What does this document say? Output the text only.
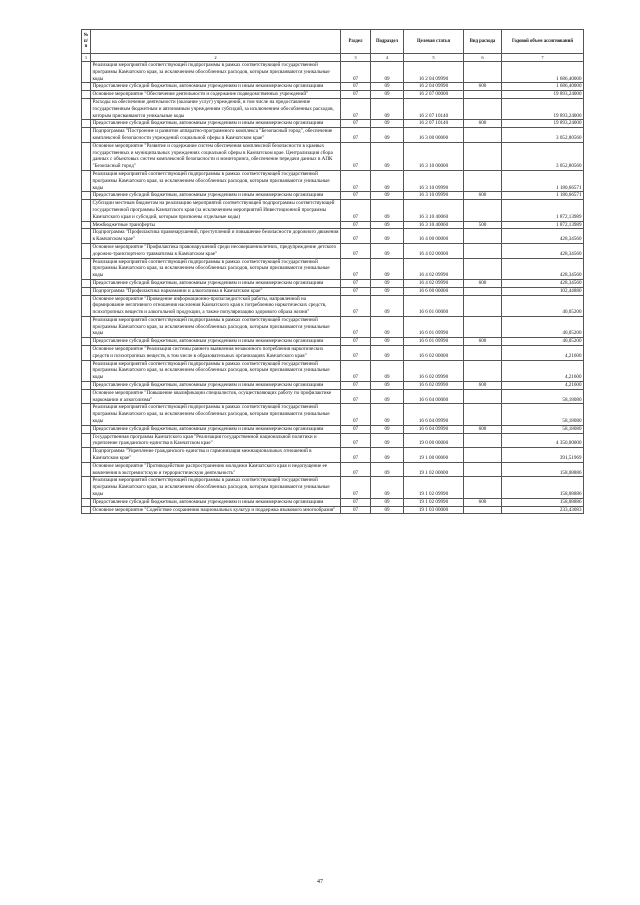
№ п/п		Раздел	Подраздел	Целевая статья	Вид расхода	Годовой объем ассигнований
1	2	3	4	5	6	7
	Реализация мероприятий соответствующей подпрограммы в рамках соответствующей государственной программы Камчатского края, за исключением обособленных расходов, которым присваиваются уникальные коды	07	09	16 2 04 09990		1 686,40000
	Предоставление субсидий бюджетным, автономным учреждениям и иным некоммерческим организациям	07	09	16 2 04 09990	600	1 686,40000
	Основное мероприятие "Обеспечение деятельности и содержание подведомственных учреждений"	07	09	16 2 07 00000		19 893,24000
	Расходы на обеспечение деятельности (оказание услуг) учреждений, в том числе на предоставление государственным бюджетным и автономным учреждениям субсидий, за исключением обособленных расходов, которым присваиваются уникальные коды	07	09	16 2 07 10140		19 893,24000
	Предоставление субсидий бюджетным, автономным учреждениям и иным некоммерческим организациям	07	09	16 2 07 10140	600	19 893,24000
	Подпрограмма "Построение и развитие аппаратно-программного комплекса "Безопасный город", обеспечение комплексной безопасности учреждений социальной сферы в Камчатском крае"	07	09	16 3 00 00000		3 052,80560
	Основное мероприятие "Развитие и содержание систем обеспечения комплексной безопасности в краевых государственных и муниципальных учреждениях социальной сферы в Камчатском крае. Централизация сбора данных с объектовых систем комплексной безопасности и мониторинга, обеспечение передачи данных в АПК "Безопасный город"	07	09	16 3 10 00000		3 052,80560
	Реализация мероприятий соответствующей подпрограммы в рамках соответствующей государственной программы Камчатского края, за исключением обособленных расходов, которым присваиваются уникальные коды	07	09	16 3 10 09990		1 180,66571
	Предоставление субсидий бюджетным, автономным учреждениям и иным некоммерческим организациям	07	09	16 3 10 09990	600	1 180,66571
	Субсидии местным бюджетам на реализацию мероприятий соответствующей подпрограммы соответствующей государственной программы Камчатского края (за исключением мероприятий Инвестиционной программы Камчатского края и субсидий, которым присвоены отдельные коды)	07	09	16 3 10 40060		1 872,13989
	Межбюджетные трансферты	07	09	16 3 10 40060	500	1 872,13989
	Подпрограмма "Профилактика правонарушений, преступлений и повышение безопасности дорожного движения в Камчатском крае"	07	09	16 4 00 00000		428,34560
	Основное мероприятие "Профилактика правонарушений среди несовершеннолетних, предупреждение детского дорожно-транспортного травматизма в Камчатском крае"	07	09	16 4 02 00000		428,34560
	Реализация мероприятий соответствующей подпрограммы в рамках соответствующей государственной программы Камчатского края, за исключением обособленных расходов, которым присваиваются уникальные коды	07	09	16 4 02 09990		428,34560
	Предоставление субсидий бюджетным, автономным учреждениям и иным некоммерческим организациям	07	09	16 4 02 09990	600	428,34560
	Подпрограмма "Профилактика наркомании и алкоголизма в Камчатском крае"	07	09	16 6 00 00000		102,44880
	Основное мероприятие "Проведение информационно-пропагандистской работы, направленной на формирование негативного отношения населения Камчатского края к потреблению наркотических средств, психотропных веществ и алкогольной продукции, а также популяризацию здорового образа жизни"	07	09	16 6 01 00000		40,05200
	Реализация мероприятий соответствующей подпрограммы в рамках соответствующей государственной программы Камчатского края, за исключением обособленных расходов, которым присваиваются уникальные коды	07	09	16 6 01 09990		40,05200
	Предоставление субсидий бюджетным, автономным учреждениям и иным некоммерческим организациям	07	09	16 6 01 09990	600	40,05200
	Основное мероприятие "Реализация системы раннего выявления незаконного потребления наркотических средств и психотропных веществ, в том числе в образовательных организациях Камчатского края"	07	09	16 6 02 00000		4,21600
	Реализация мероприятий соответствующей подпрограммы в рамках соответствующей государственной программы Камчатского края, за исключением обособленных расходов, которым присваиваются уникальные коды	07	09	16 6 02 09990		4,21600
	Предоставление субсидий бюджетным, автономным учреждениям и иным некоммерческим организациям	07	09	16 6 02 09990	600	4,21600
	Основное мероприятие "Повышение квалификации специалистов, осуществляющих работу по профилактике наркомании и алкоголизма"	07	09	16 6 04 00000		58,18080
	Реализация мероприятий соответствующей подпрограммы в рамках соответствующей государственной программы Камчатского края, за исключением обособленных расходов, которым присваиваются уникальные коды	07	09	16 6 04 09990		58,18080
	Предоставление субсидий бюджетным, автономным учреждениям и иным некоммерческим организациям	07	09	16 6 04 09990	600	58,18080
	Государственная программа Камчатского края "Реализация государственной национальной политики и укрепление гражданского единства в Камчатском крае"	07	09	19 0 00 00000		4 350,00000
	Подпрограмма "Укрепление гражданского единства и гармонизация межнациональных отношений в Камчатском крае"	07	09	19 1 00 00000		391,51969
	Основное мероприятие "Противодействие распространению молодежи Камчатского края и недопущение ее вовлечения в экстремистскую и террористическую деятельность"	07	09	19 1 02 00000		158,08886
	Реализация мероприятий соответствующей подпрограммы в рамках соответствующей государственной программы Камчатского края, за исключением обособленных расходов, которым присваиваются уникальные коды	07	09	19 1 02 09990		158,08886
	Предоставление субсидий бюджетным, автономным учреждениям и иным некоммерческим организациям	07	09	19 1 02 09990	600	158,08886
	Основное мероприятие "Содействие сохранению национальных культур и поддержка языкового многообразия"	07	09	19 1 03 00000		233,43083
47
